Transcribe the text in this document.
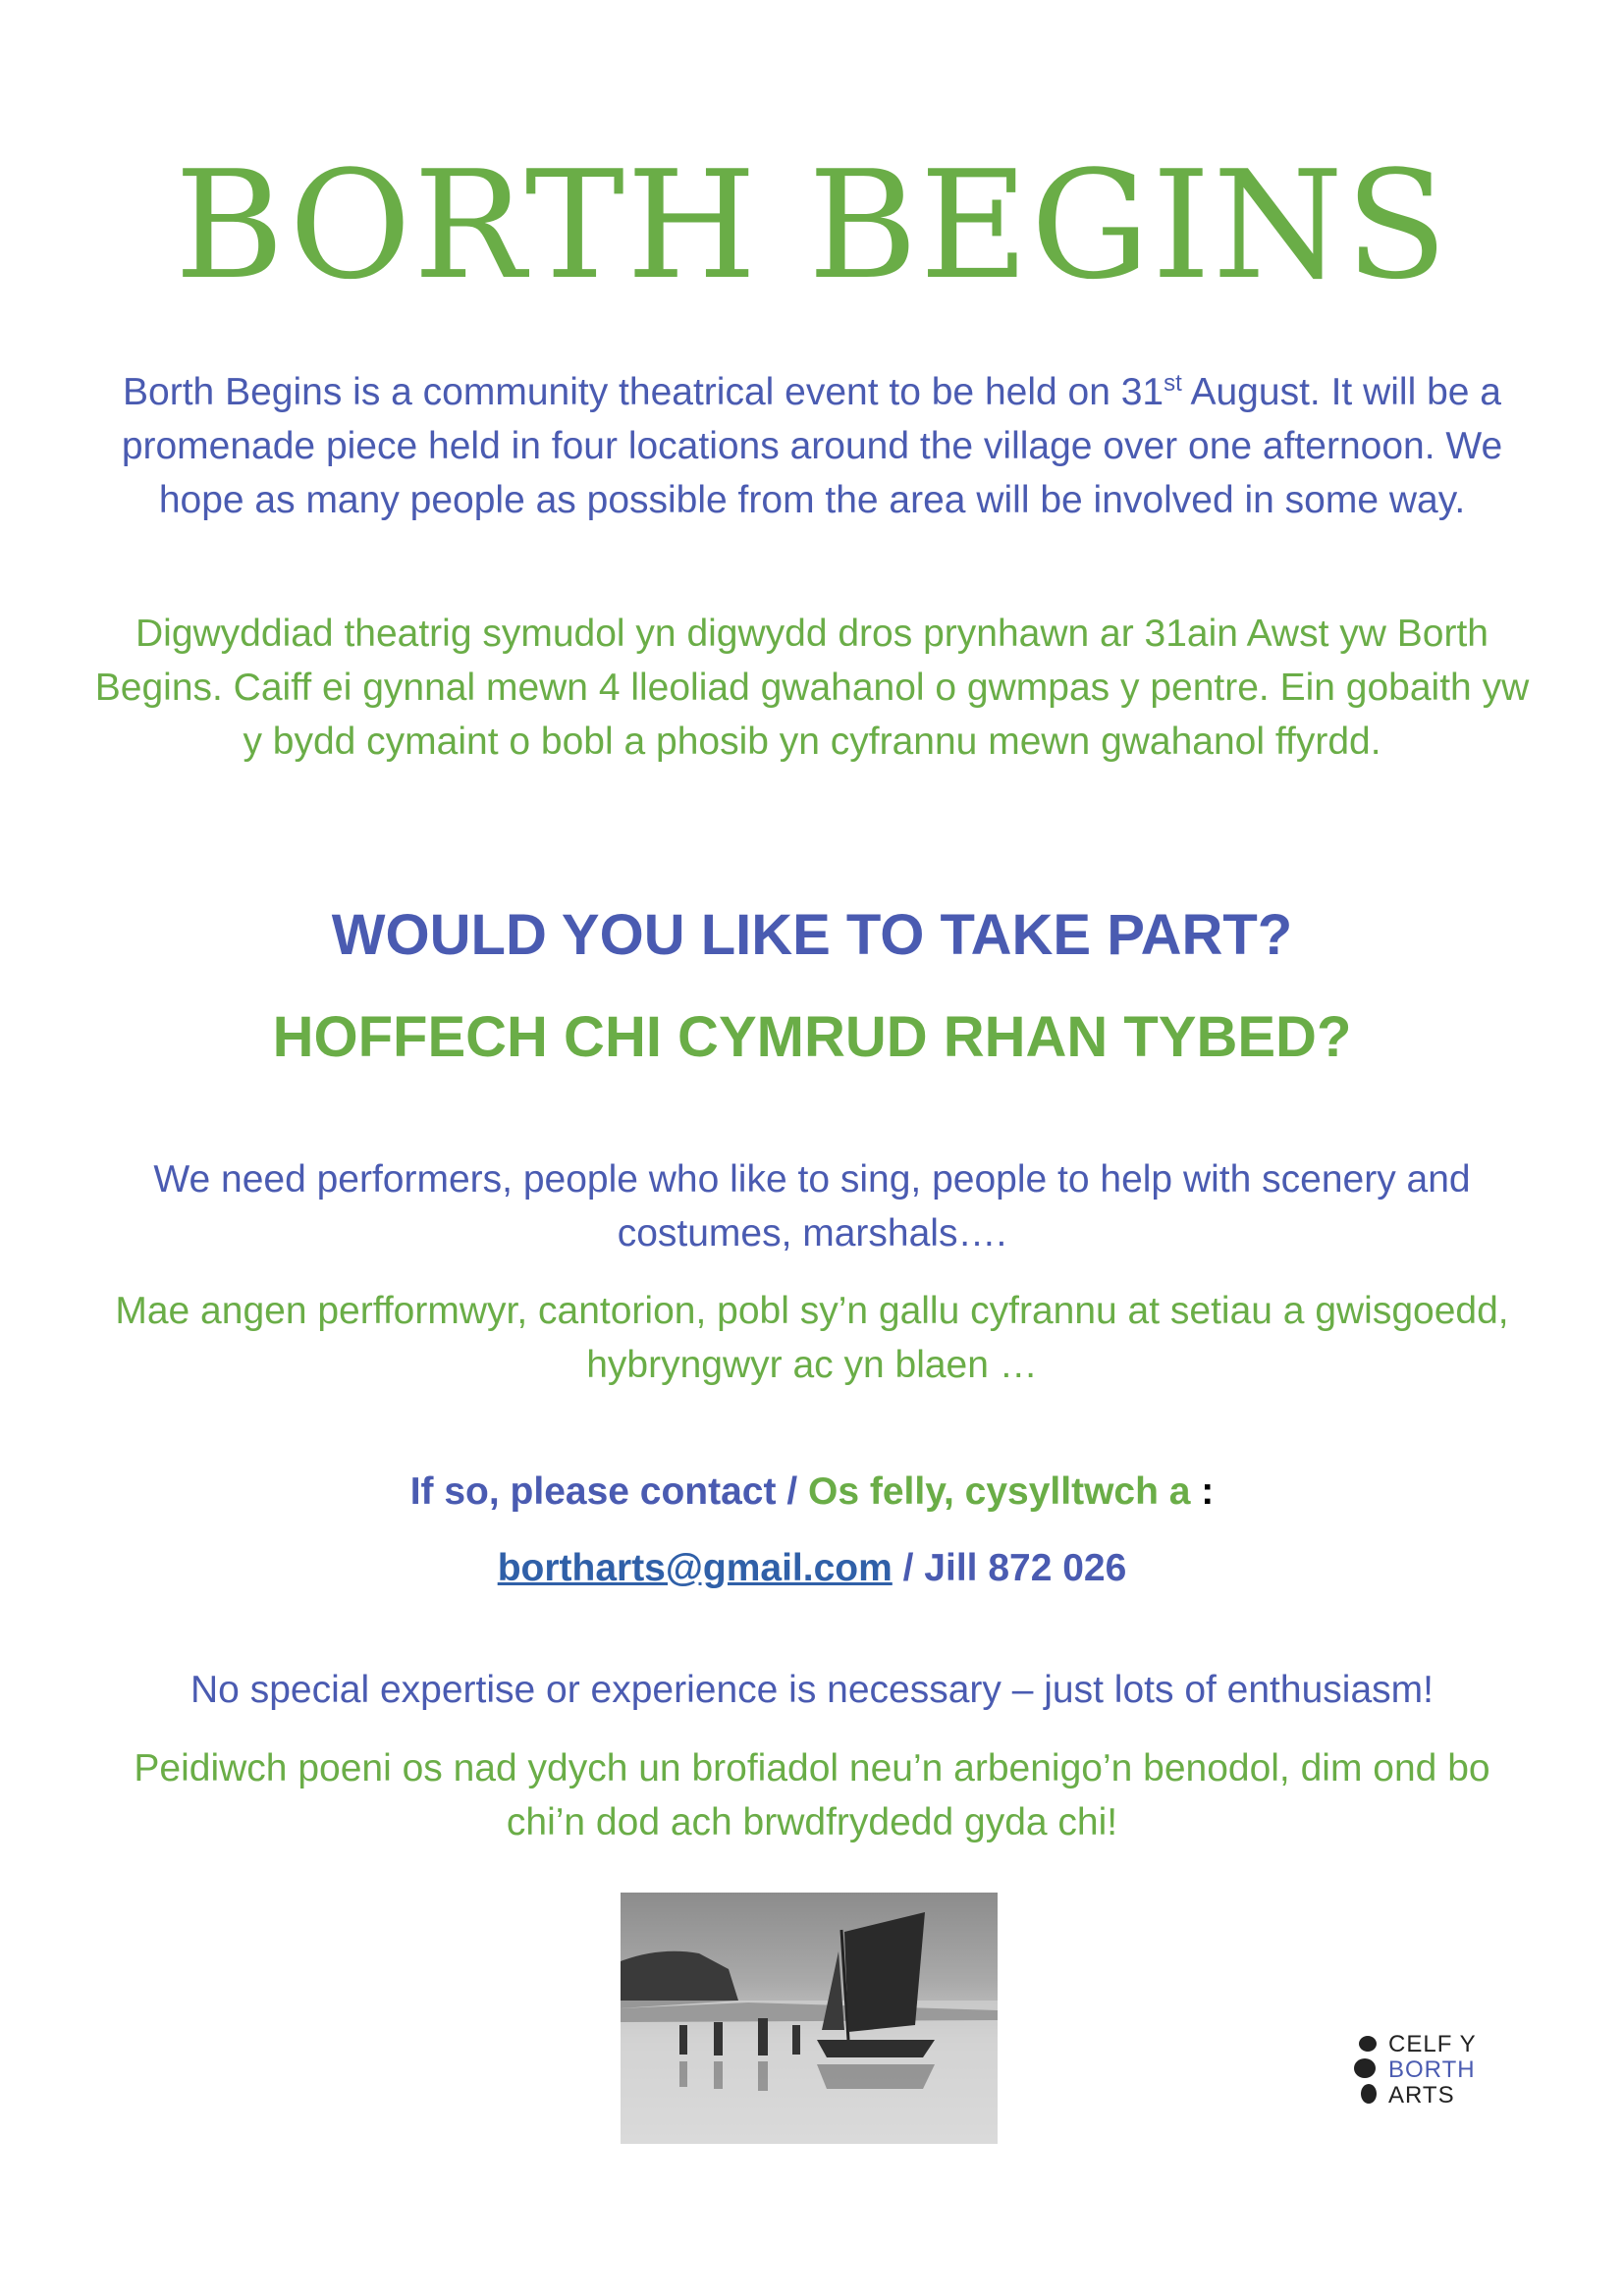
BORTH BEGINS
Borth Begins is a community theatrical event to be held on 31st August. It will be a promenade piece held in four locations around the village over one afternoon. We hope as many people as possible from the area will be involved in some way.
Digwyddiad theatrig symudol yn digwydd dros prynhawn ar 31ain Awst yw Borth Begins. Caiff ei gynnal mewn 4 lleoliad gwahanol o gwmpas y pentre. Ein gobaith yw y bydd cymaint o bobl a phosib yn cyfrannu mewn gwahanol ffyrdd.
WOULD YOU LIKE TO TAKE PART?
HOFFECH CHI CYMRUD RHAN TYBED?
We need performers, people who like to sing, people to help with scenery and costumes, marshals….
Mae angen perfformwyr, cantorion, pobl sy’n gallu cyfrannu at setiau a gwisgoedd, hybryngwyr ac yn blaen …
If so, please contact / Os felly, cysylltwch a :
bortharts@gmail.com / Jill 872 026
No special expertise or experience is necessary – just lots of enthusiasm!
Peidiwch poeni os nad ydych un brofiadol neu’n arbenigo’n benodol, dim ond bo chi’n dod ach brwdfrydedd gyda chi!
CELF Y
BORTH
ARTS
